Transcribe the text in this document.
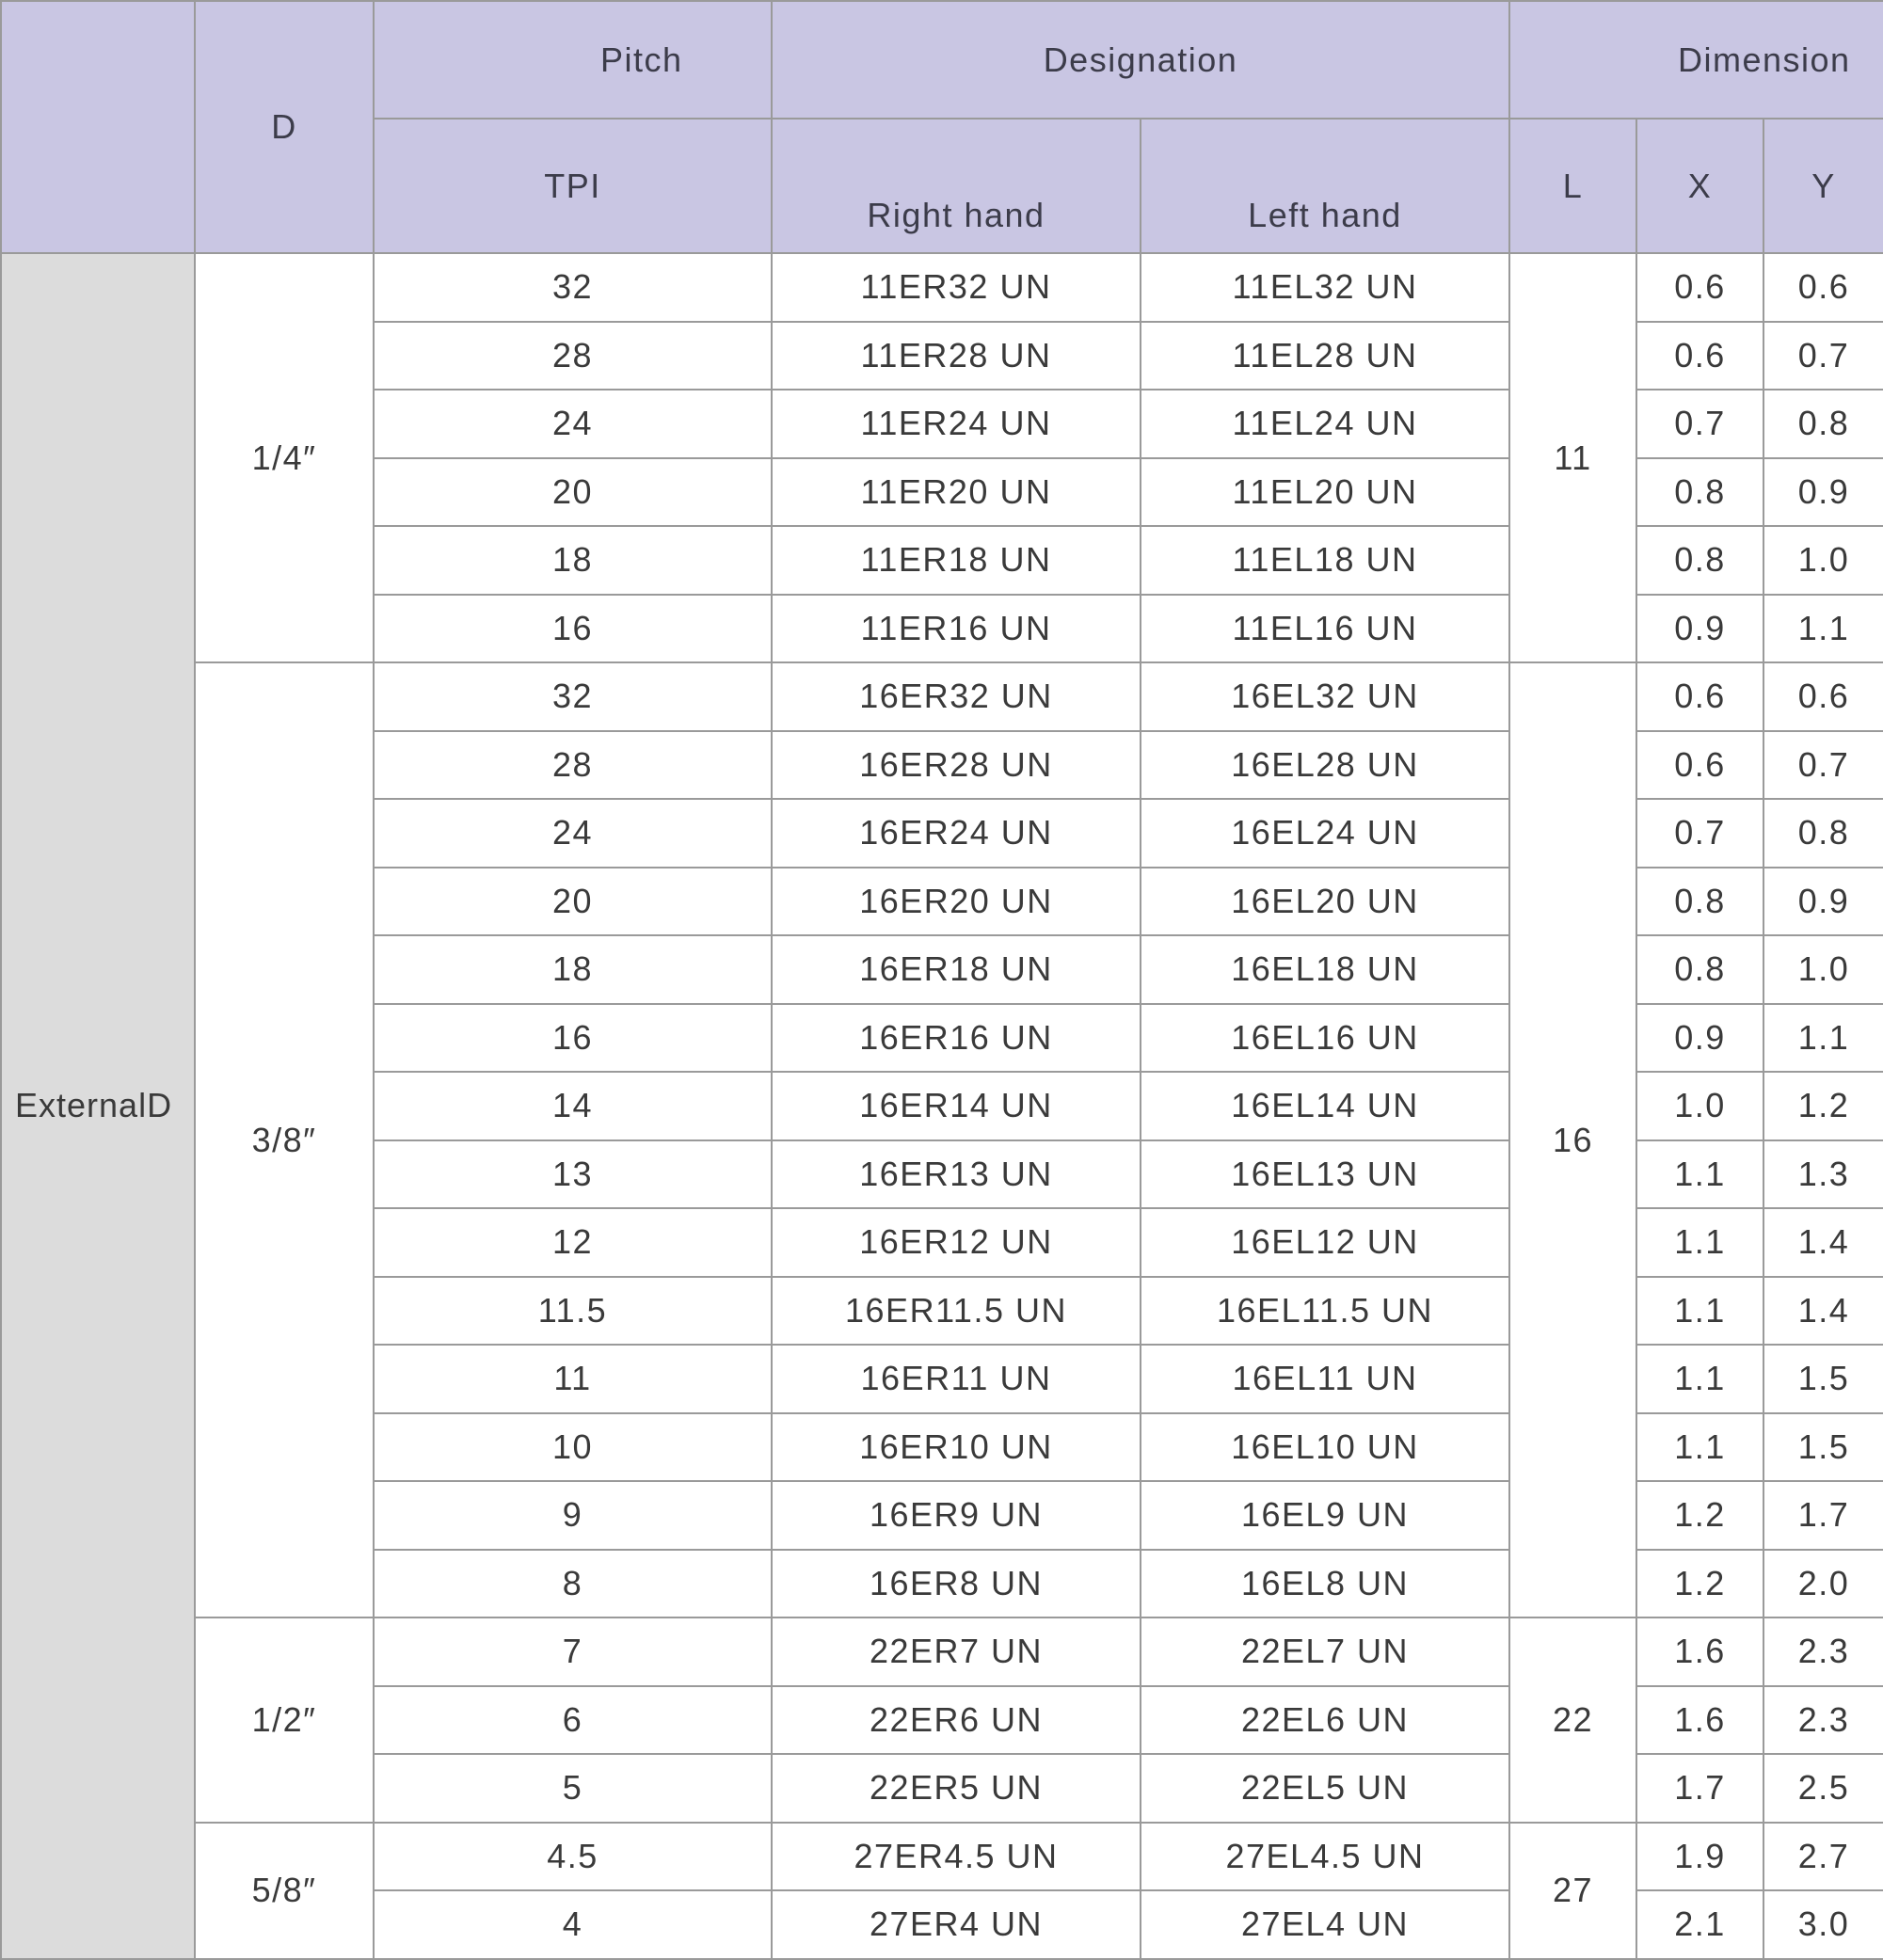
	D	Pitch	Designation		Dimension		
		TPI	Right hand	Left hand	L	X	Y
ExternalD	1/4″	32	11ER32 UN	11EL32 UN	11	0.6	0.6
		28	11ER28 UN	11EL28 UN		0.6	0.7
		24	11ER24 UN	11EL24 UN		0.7	0.8
		20	11ER20 UN	11EL20 UN		0.8	0.9
		18	11ER18 UN	11EL18 UN		0.8	1.0
		16	11ER16 UN	11EL16 UN		0.9	1.1
	3/8″	32	16ER32 UN	16EL32 UN	16	0.6	0.6
		28	16ER28 UN	16EL28 UN		0.6	0.7
		24	16ER24 UN	16EL24 UN		0.7	0.8
		20	16ER20 UN	16EL20 UN		0.8	0.9
		18	16ER18 UN	16EL18 UN		0.8	1.0
		16	16ER16 UN	16EL16 UN		0.9	1.1
		14	16ER14 UN	16EL14 UN		1.0	1.2
		13	16ER13 UN	16EL13 UN		1.1	1.3
		12	16ER12 UN	16EL12 UN		1.1	1.4
		11.5	16ER11.5 UN	16EL11.5 UN		1.1	1.4
		11	16ER11 UN	16EL11 UN		1.1	1.5
		10	16ER10 UN	16EL10 UN		1.1	1.5
		9	16ER9 UN	16EL9 UN		1.2	1.7
		8	16ER8 UN	16EL8 UN		1.2	2.0
	1/2″	7	22ER7 UN	22EL7 UN	22	1.6	2.3
		6	22ER6 UN	22EL6 UN		1.6	2.3
		5	22ER5 UN	22EL5 UN		1.7	2.5
	5/8″	4.5	27ER4.5 UN	27EL4.5 UN	27	1.9	2.7
		4	27ER4 UN	27EL4 UN		2.1	3.0
